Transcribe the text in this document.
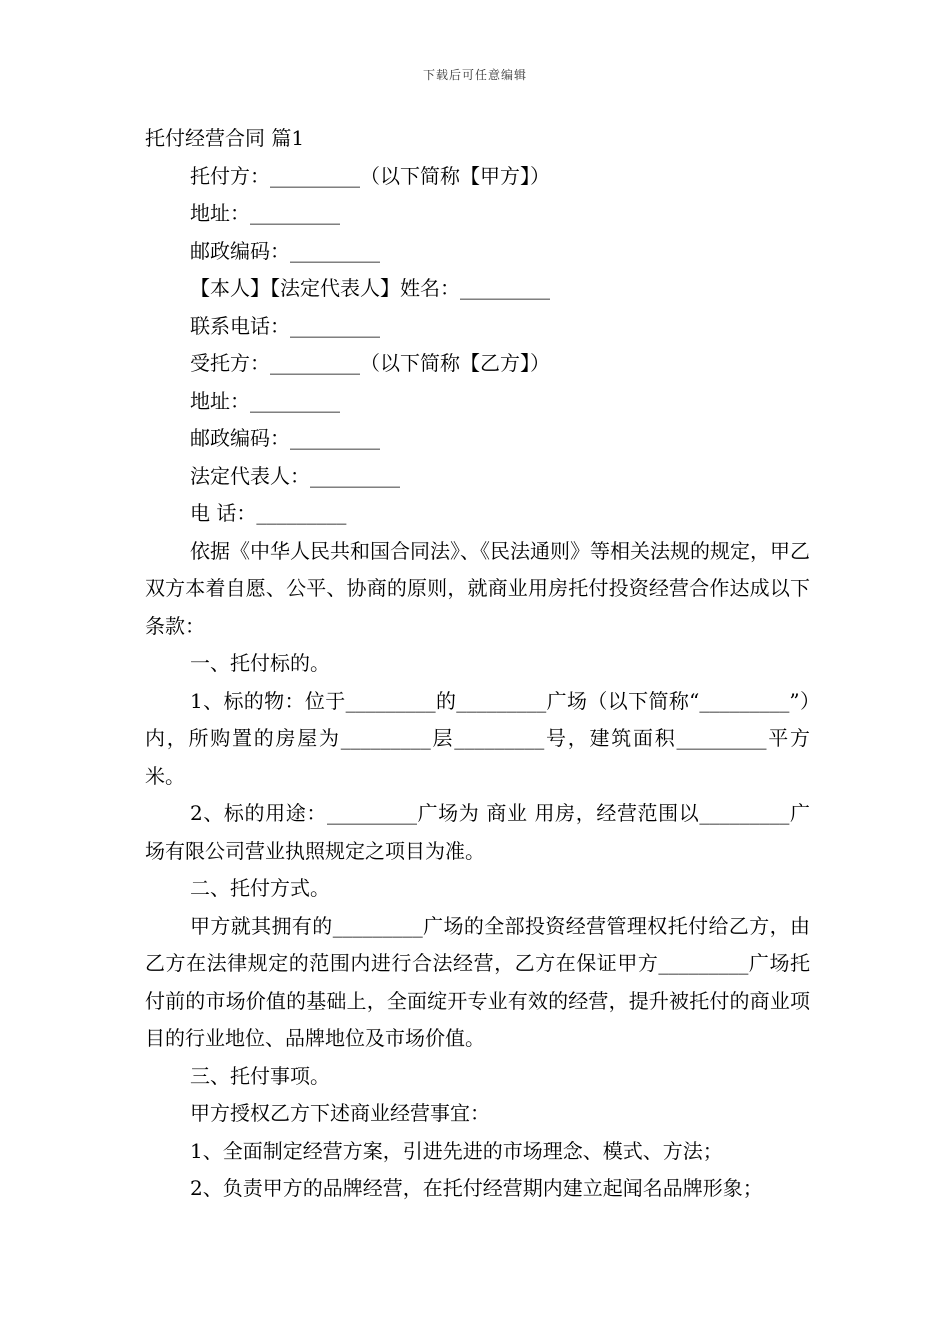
下载后可任意编辑

托付经营合同 篇1

托付方：_________（以下简称【甲方】）

地址：_________

邮政编码：_________

【本人】【法定代表人】姓名：_________

联系电话：_________

受托方：_________（以下简称【乙方】）

地址：_________

邮政编码：_________

法定代表人：_________

电 话：_________

依据《中华人民共和国合同法》、《民法通则》等相关法规的规定，甲乙双方本着自愿、公平、协商的原则，就商业用房托付投资经营合作达成以下条款：

一、托付标的。

1、标的物：位于_________的_________广场（以下简称“_________”）内，所购置的房屋为_________层_________号，建筑面积_________平方米。

2、标的用途：_________广场为 商业 用房，经营范围以_________广场有限公司营业执照规定之项目为准。

二、托付方式。

甲方就其拥有的_________广场的全部投资经营管理权托付给乙方，由乙方在法律规定的范围内进行合法经营，乙方在保证甲方_________广场托付前的市场价值的基础上，全面绽开专业有效的经营，提升被托付的商业项目的行业地位、品牌地位及市场价值。

三、托付事项。

甲方授权乙方下述商业经营事宜：

1、全面制定经营方案，引进先进的市场理念、模式、方法；

2、负责甲方的品牌经营，在托付经营期内建立起闻名品牌形象；
